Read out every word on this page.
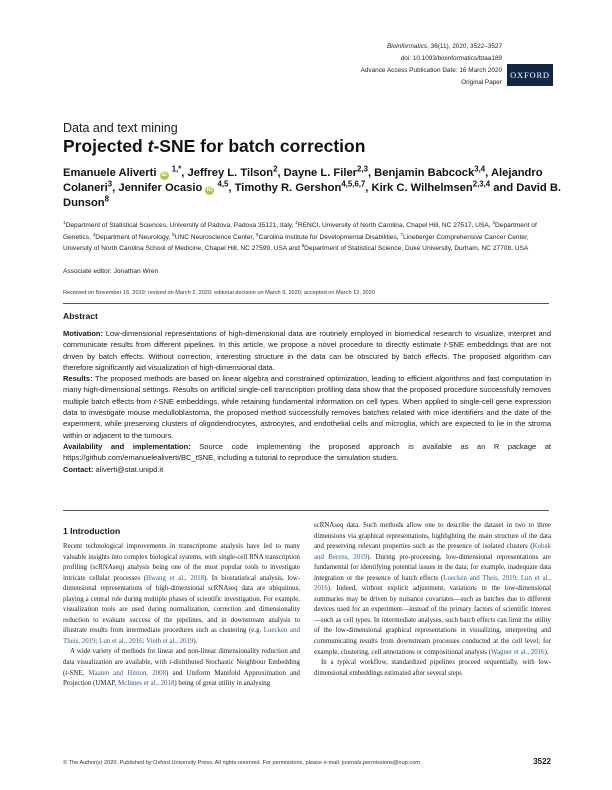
Bioinformatics, 36(11), 2020, 3522–3527
doi: 10.1093/bioinformatics/btaa189
Advance Access Publication Date: 16 March 2020
Original Paper
OXFORD
Data and text mining
Projected t-SNE for batch correction
Emanuele Aliverti iD $^{1,*}$, Jeffrey L. Tilson$^2$, Dayne L. Filer$^{2,3}$, Benjamin Babcock$^{3,4}$, Alejandro Colaneri$^3$, Jennifer Ocasio iD $^{4,5}$, Timothy R. Gershon$^{4,5,6,7}$, Kirk C. Wilhelmsen$^{2,3,4}$ and David B. Dunson$^8$
$^1$Department of Statistical Sciences, University of Padova, Padova 35121, Italy, $^2$RENCI, University of North Carolina, Chapel Hill, NC 27517, USA, $^3$Department of Genetics, $^4$Department of Neurology, $^5$UNC Neuroscience Center, $^6$Carolina Institute for Developmental Disabilities, $^7$Lineberger Comprehensive Cancer Center, University of North Carolina School of Medicine, Chapel Hill, NC 27599, USA and $^8$Department of Statistical Science, Duke University, Durham, NC 27708, USA
Associate editor: Jonathan Wren
Received on November 16, 2019; revised on March 2, 2020; editorial decision on March 9, 2020; accepted on March 12, 2020
Abstract

Motivation: Low-dimensional representations of high-dimensional data are routinely employed in biomedical research to visualize, interpret and communicate results from different pipelines. In this article, we propose a novel procedure to directly estimate t-SNE embeddings that are not driven by batch effects. Without correction, interesting structure in the data can be obscured by batch effects. The proposed algorithm can therefore significantly aid visualization of high-dimensional data.

Results: The proposed methods are based on linear algebra and constrained optimization, leading to efficient algorithms and fast computation in many high-dimensional settings. Results on artificial single-cell transcription profiling data show that the proposed procedure successfully removes multiple batch effects from t-SNE embeddings, while retaining fundamental information on cell types. When applied to single-cell gene expression data to investigate mouse medulloblastoma, the proposed method successfully removes batches related with mice identifiers and the date of the experiment, while preserving clusters of oligodendrocytes, astrocytes, and endothelial cells and microglia, which are expected to lie in the stroma within or adjacent to the tumours.

Availability and implementation: Source code implementing the proposed approach is available as an R package at https://github.com/emanuelealiverti/BC_tSNE, including a tutorial to reproduce the simulation studies.

Contact: aliverti@stat.unipd.it

1 Introduction

Recent technological improvements in transcriptome analysis have led to many valuable insights into complex biological systems, with single-cell RNA transcription profiling (scRNAseq) analysis being one of the most popular tools to investigate intricate cellular processes (Hwang et al., 2018). In biostatistical analysis, low-dimensional representations of high-dimensional scRNAseq data are ubiquitous, playing a central role during multiple phases of scientific investigation. For example, visualization tools are used during normalization, correction and dimensionality reduction to evaluate success of the pipelines, and in downstream analysis to illustrate results from intermediate procedures such as clustering (e.g. Luecken and Theis, 2019; Lun et al., 2016; Vieth et al., 2019).

A wide variety of methods for linear and non-linear dimensionality reduction and data visualization are available, with t-distributed Stochastic Neighbour Embedding (t-SNE, Maaten and Hinton, 2008) and Uniform Manifold Approximation and Projection (UMAP, McInnes et al., 2018) being of great utility in analysing

scRNAseq data. Such methods allow one to describe the dataset in two to three dimensions via graphical representations, highlighting the main structure of the data and preserving relevant properties such as the presence of isolated clusters (Kobak and Berens, 2019). During pre-processing, low-dimensional representations are fundamental for identifying potential issues in the data; for example, inadequate data integration or the presence of batch effects (Luecken and Theis, 2019; Lun et al., 2016). Indeed, without explicit adjustment, variations in the low-dimensional summaries may be driven by nuisance covariates—such as batches due to different devices used for an experiment—instead of the primary factors of scientific interest—such as cell types. In intermediate analyses, such batch effects can limit the utility of the low-dimensional graphical representations in visualizing, interpreting and communicating results from downstream processes conducted at the cell level; for example, clustering, cell annotations or compositional analysis (Wagner et al., 2016).

In a typical workflow, standardized pipelines proceed sequentially, with low-dimensional embeddings estimated after several steps

© The Author(s) 2020. Published by Oxford University Press. All rights reserved. For permissions, please e-mail: journals.permissions@oup.com	3522
